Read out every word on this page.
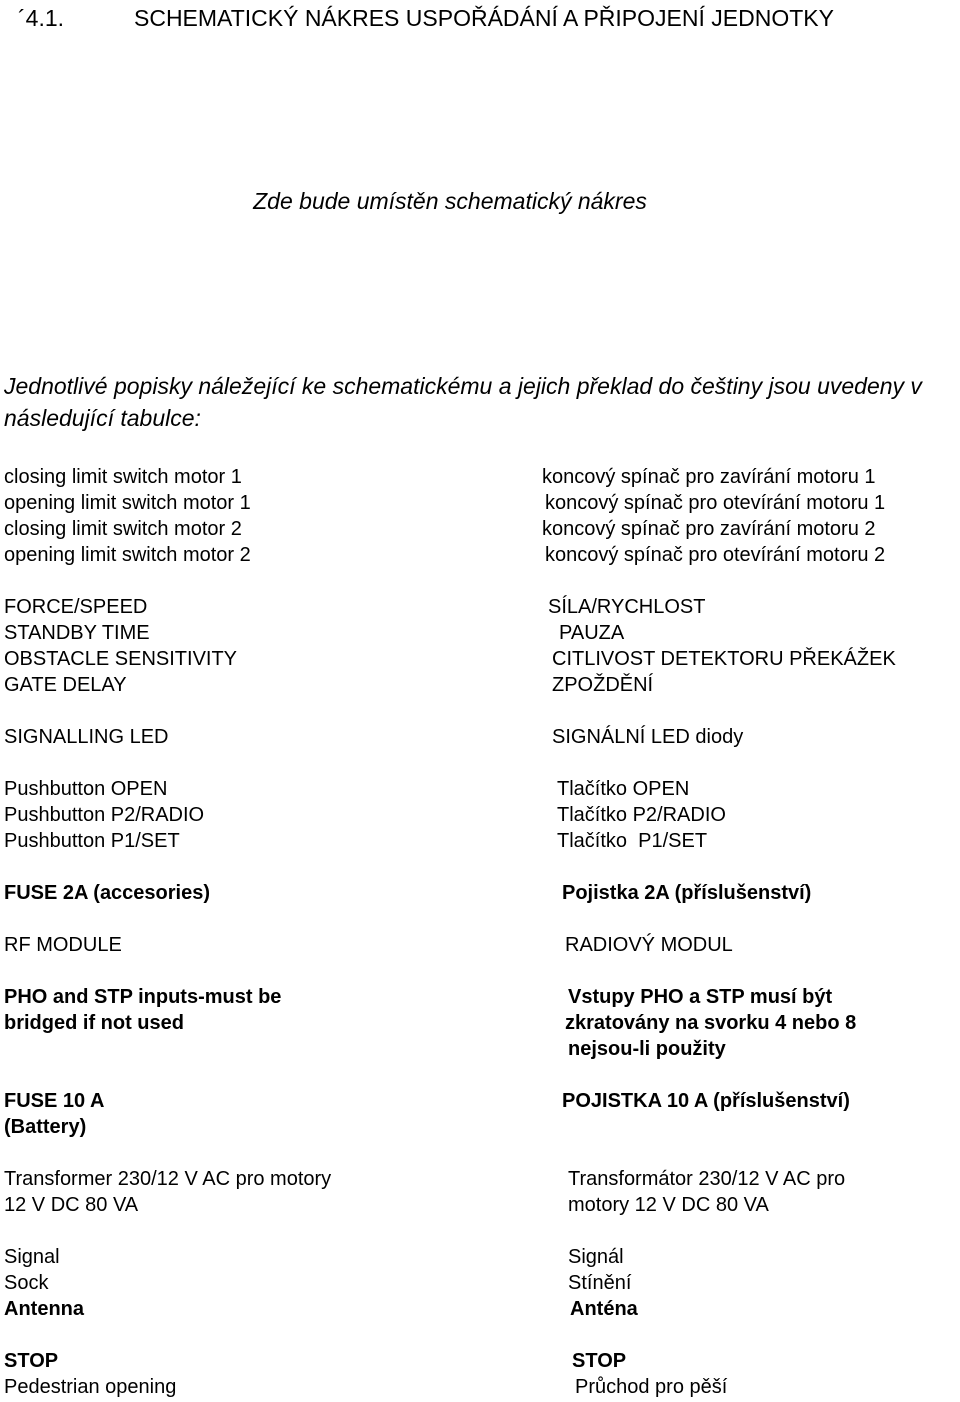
´4.1.	SCHEMATICKÝ NÁKRES USPOŘÁDÁNÍ A PŘIPOJENÍ JEDNOTKY
Zde bude umístěn schematický nákres
Jednotlivé popisky náležející ke schematickému a jejich překlad do češtiny jsou uvedeny v následující tabulce:
closing limit switch motor 1	koncový spínač pro zavírání motoru 1
opening limit switch motor 1	koncový spínač pro otevírání motoru 1
closing limit switch motor 2	koncový spínač pro zavírání motoru 2
opening limit switch motor 2	koncový spínač pro otevírání motoru 2
FORCE/SPEED	SÍLA/RYCHLOST
STANDBY TIME	PAUZA
OBSTACLE SENSITIVITY	CITLIVOST DETEKTORU PŘEKÁŽEK
GATE DELAY	ZPOŽDĚNÍ
SIGNALLING LED	SIGNÁLNÍ LED diody
Pushbutton OPEN	Tlačítko OPEN
Pushbutton P2/RADIO	Tlačítko P2/RADIO
Pushbutton P1/SET	Tlačítko  P1/SET
FUSE 2A (accesories)	Pojistka 2A (příslušenství)
RF MODULE	RADIOVÝ MODUL
PHO and STP inputs-must be	Vstupy PHO a STP musí být
bridged if not used	zkratovány na svorku 4 nebo 8
nejsou-li použity
FUSE 10 A	POJISTKA 10 A (příslušenství)
(Battery)
Transformer 230/12 V AC pro motory	Transformátor 230/12 V AC pro
12 V DC 80 VA	motory 12 V DC 80 VA
Signal	Signál
Sock	Stínění
Antenna	Anténa
STOP	STOP
Pedestrian opening	Průchod pro pěší
